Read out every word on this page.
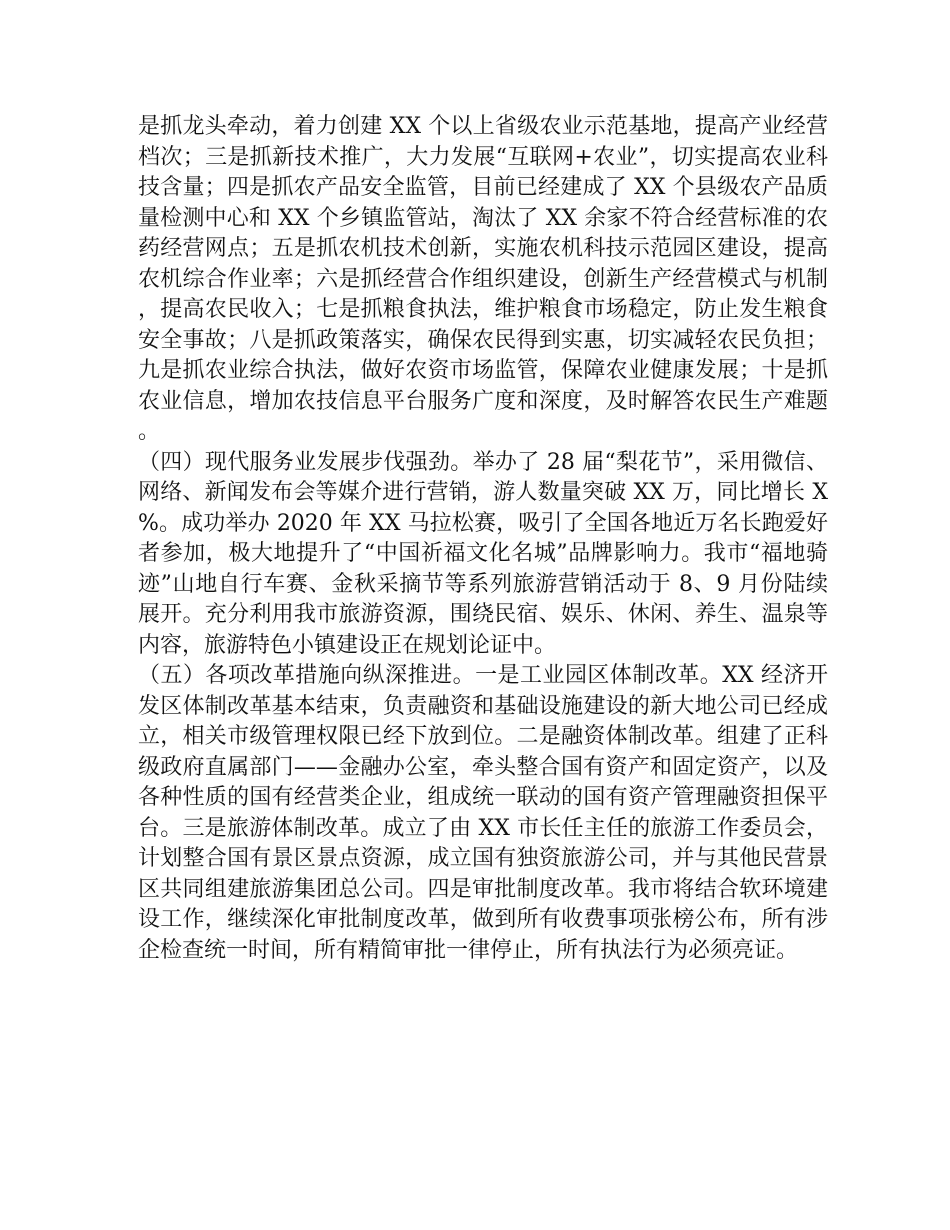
是抓龙头牵动，着力创建 XX 个以上省级农业示范基地，提高产业经营档次；三是抓新技术推广，大力发展“互联网+农业”，切实提高农业科技含量；四是抓农产品安全监管，目前已经建成了 XX 个县级农产品质量检测中心和 XX 个乡镇监管站，淘汰了 XX 余家不符合经营标准的农药经营网点；五是抓农机技术创新，实施农机科技示范园区建设，提高农机综合作业率；六是抓经营合作组织建设，创新生产经营模式与机制，提高农民收入；七是抓粮食执法，维护粮食市场稳定，防止发生粮食安全事故；八是抓政策落实，确保农民得到实惠，切实减轻农民负担；九是抓农业综合执法，做好农资市场监管，保障农业健康发展；十是抓农业信息，增加农技信息平台服务广度和深度，及时解答农民生产难题。

（四）现代服务业发展步伐强劲。举办了 28 届“梨花节”，采用微信、网络、新闻发布会等媒介进行营销，游人数量突破 XX 万，同比增长 X%。成功举办 2020 年 XX 马拉松赛，吸引了全国各地近万名长跑爱好者参加，极大地提升了“中国祈福文化名城”品牌影响力。我市“福地骑迹”山地自行车赛、金秋采摘节等系列旅游营销活动于 8、9 月份陆续展开。充分利用我市旅游资源，围绕民宿、娱乐、休闲、养生、温泉等内容，旅游特色小镇建设正在规划论证中。

（五）各项改革措施向纵深推进。一是工业园区体制改革。XX 经济开发区体制改革基本结束，负责融资和基础设施建设的新大地公司已经成立，相关市级管理权限已经下放到位。二是融资体制改革。组建了正科级政府直属部门——金融办公室，牵头整合国有资产和固定资产，以及各种性质的国有经营类企业，组成统一联动的国有资产管理融资担保平台。三是旅游体制改革。成立了由 XX 市长任主任的旅游工作委员会，计划整合国有景区景点资源，成立国有独资旅游公司，并与其他民营景区共同组建旅游集团总公司。四是审批制度改革。我市将结合软环境建设工作，继续深化审批制度改革，做到所有收费事项张榜公布，所有涉企检查统一时间，所有精简审批一律停止，所有执法行为必须亮证。
